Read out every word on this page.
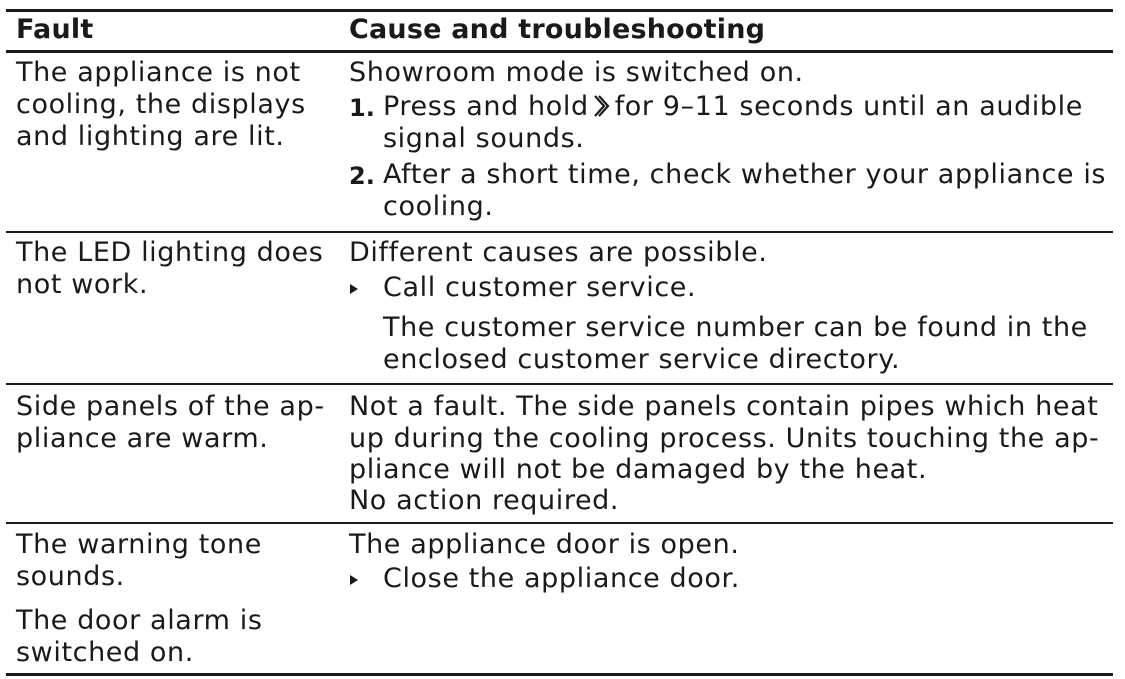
Fault	Cause and troubleshooting
The appliance is not
cooling, the displays
and lighting are lit.
Showroom mode is switched on.
1. Press and hold for 9–11 seconds until an audible
signal sounds.
2. After a short time, check whether your appliance is
cooling.
The LED lighting does
not work.
Different causes are possible.
Call customer service.
The customer service number can be found in the
enclosed customer service directory.
Side panels of the ap-
pliance are warm.
Not a fault. The side panels contain pipes which heat
up during the cooling process. Units touching the ap-
pliance will not be damaged by the heat.
No action required.
The warning tone
sounds.
The door alarm is
switched on.
The appliance door is open.
Close the appliance door.
